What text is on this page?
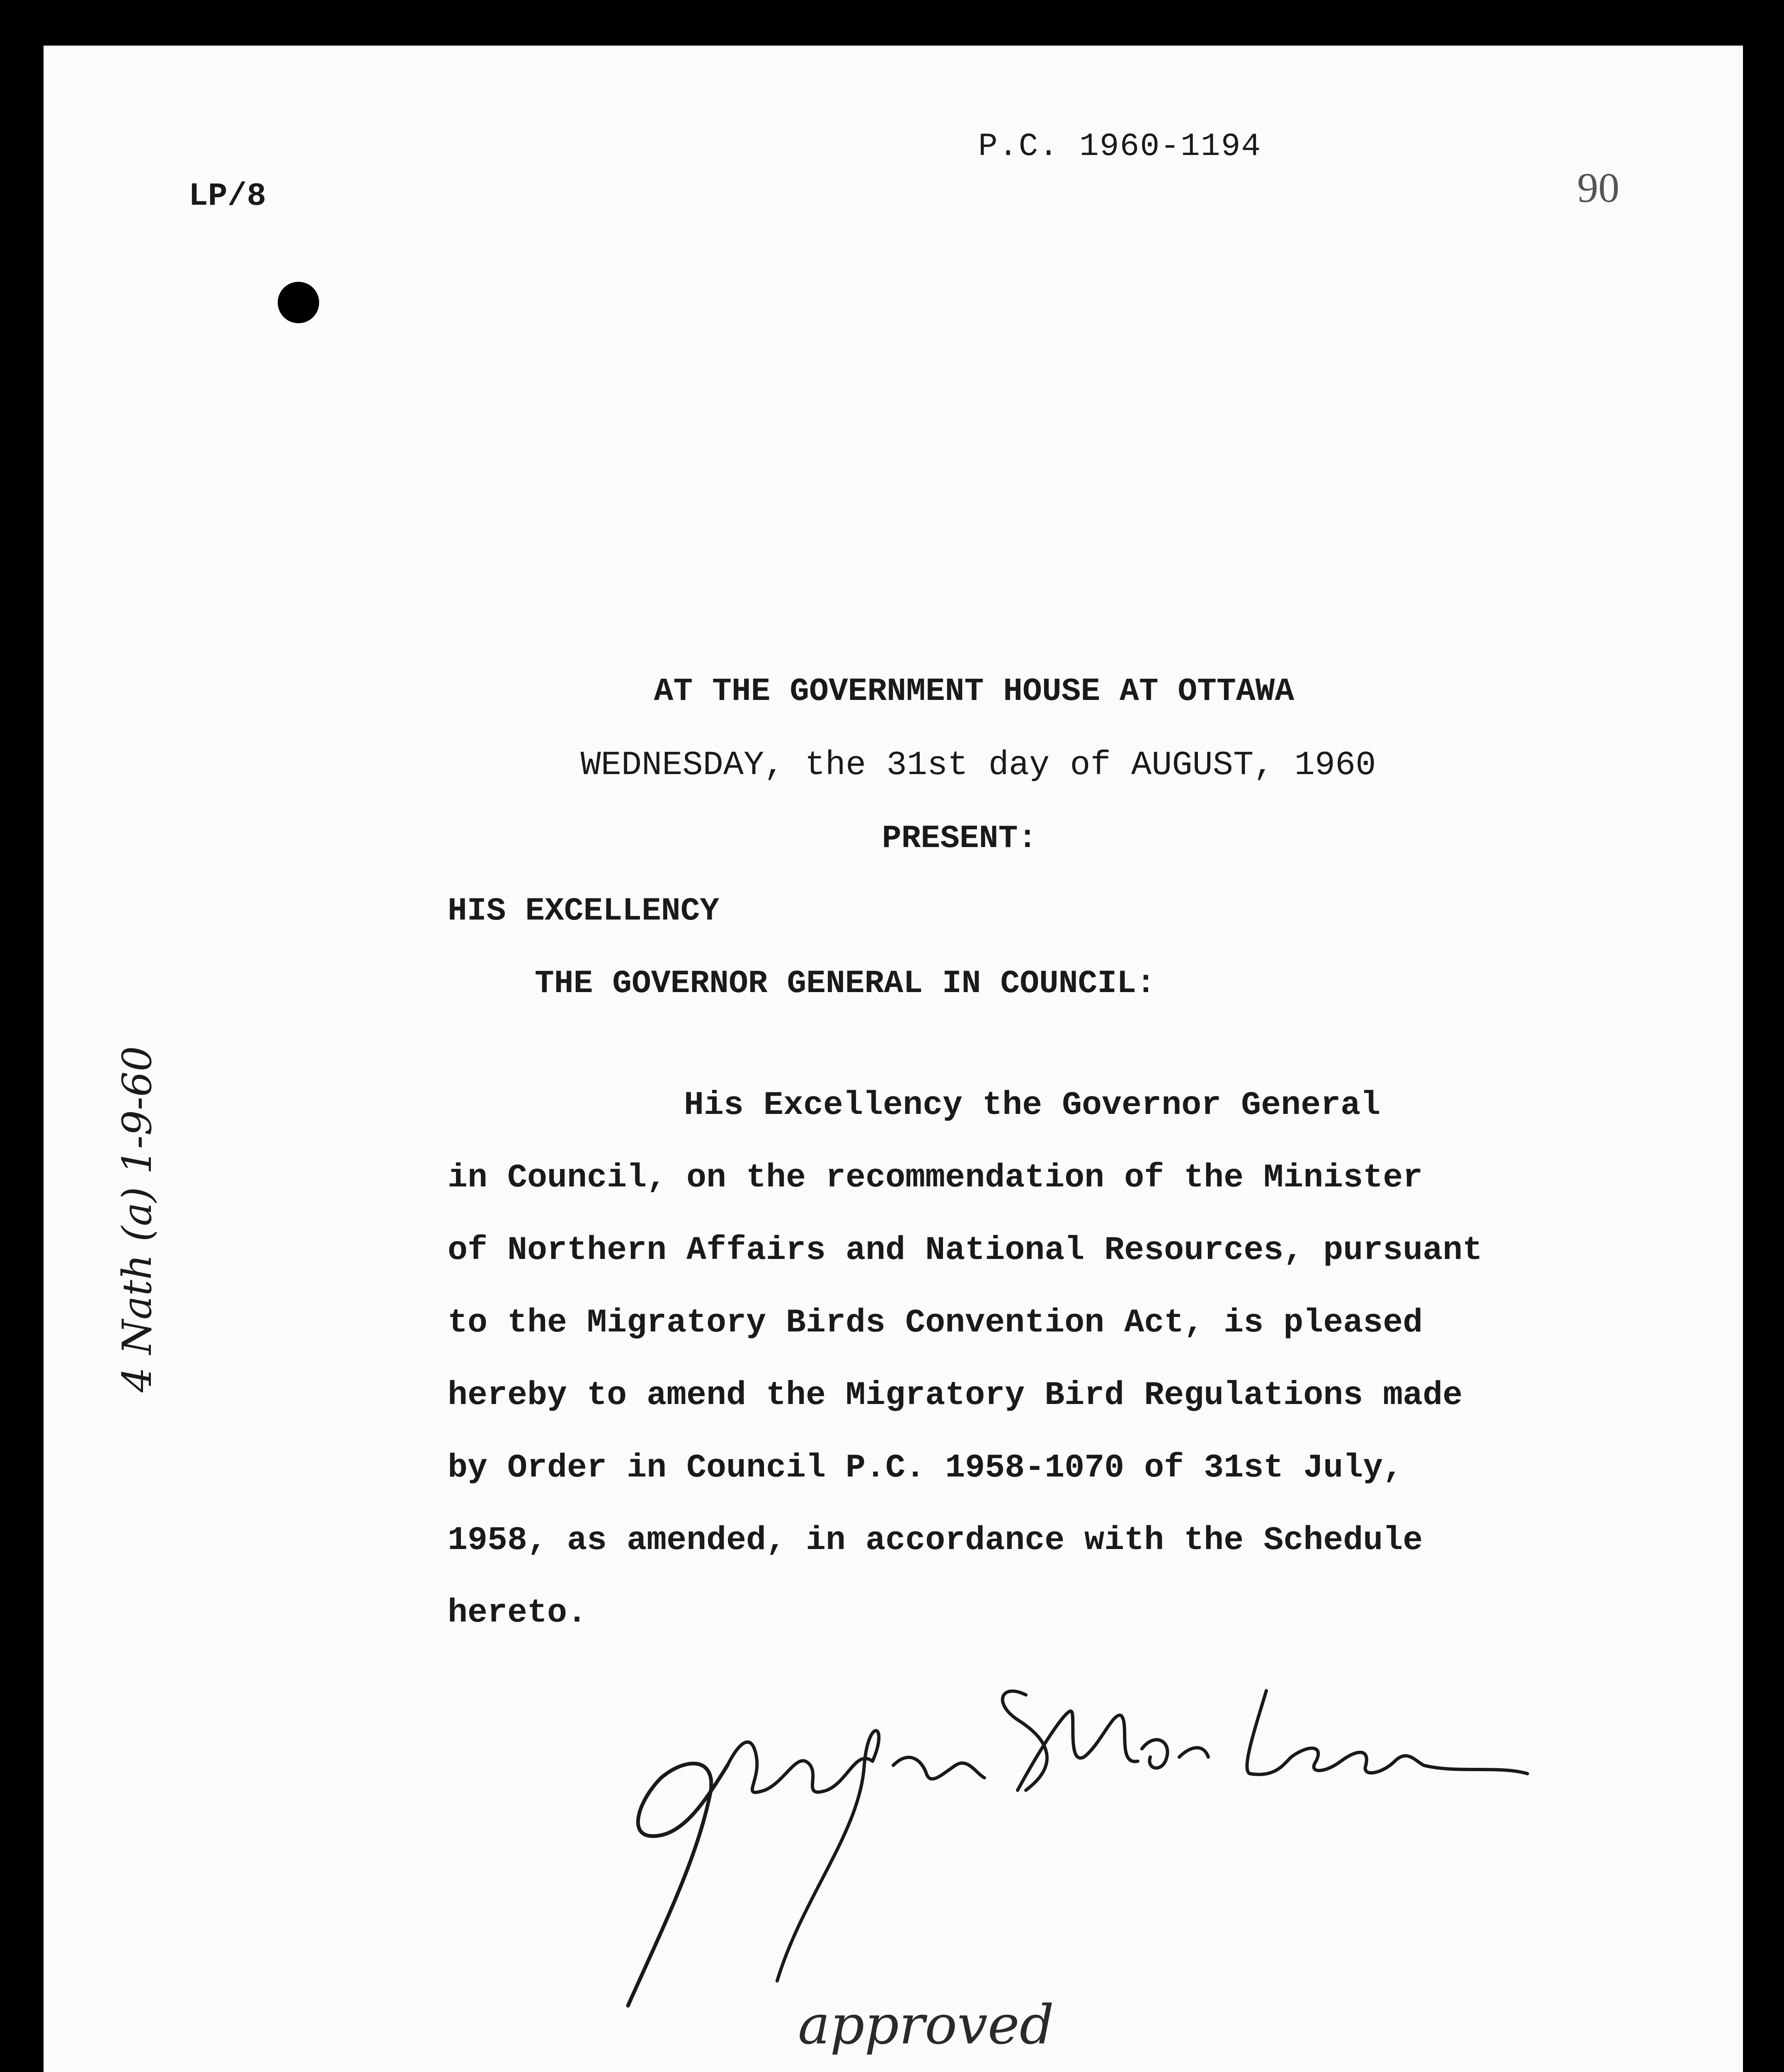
P.C. 1960-1194
LP/8	90
AT THE GOVERNMENT HOUSE AT OTTAWA
WEDNESDAY, the 31st day of AUGUST, 1960
PRESENT:
HIS EXCELLENCY
THE GOVERNOR GENERAL IN COUNCIL:
His Excellency the Governor General
in Council, on the recommendation of the Minister
of Northern Affairs and National Resources, pursuant
to the Migratory Birds Convention Act, is pleased
hereby to amend the Migratory Bird Regulations made
by Order in Council P.C. 1958-1070 of 31st July,
1958, as amended, in accordance with the Schedule
hereto.
4 Nath (a) 1-9-60
approved
